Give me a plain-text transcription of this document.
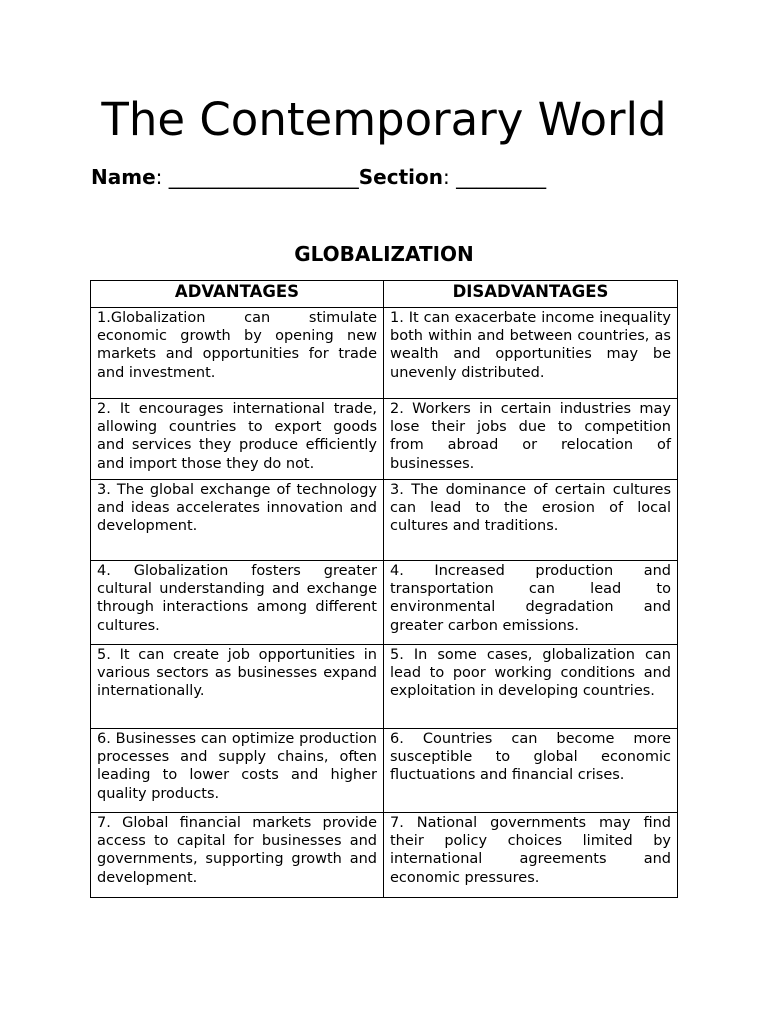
The Contemporary World
Name: ___________________Section: _________
GLOBALIZATION
ADVANTAGES	DISADVANTAGES
1.Globalization can stimulate economic growth by opening new markets and opportunities for trade and investment.	1. It can exacerbate income inequality both within and between countries, as wealth and opportunities may be unevenly distributed.
2. It encourages international trade, allowing countries to export goods and services they produce efficiently and import those they do not.	2. Workers in certain industries may lose their jobs due to competition from abroad or relocation of businesses.
3. The global exchange of technology and ideas accelerates innovation and development.	3. The dominance of certain cultures can lead to the erosion of local cultures and traditions.
4. Globalization fosters greater cultural understanding and exchange through interactions among different cultures.	4. Increased production and transportation can lead to environmental degradation and greater carbon emissions.
5. It can create job opportunities in various sectors as businesses expand internationally.	5. In some cases, globalization can lead to poor working conditions and exploitation in developing countries.
6. Businesses can optimize production processes and supply chains, often leading to lower costs and higher quality products.	6. Countries can become more susceptible to global economic fluctuations and financial crises.
7. Global financial markets provide access to capital for businesses and governments, supporting growth and development.	7. National governments may find their policy choices limited by international agreements and economic pressures.
